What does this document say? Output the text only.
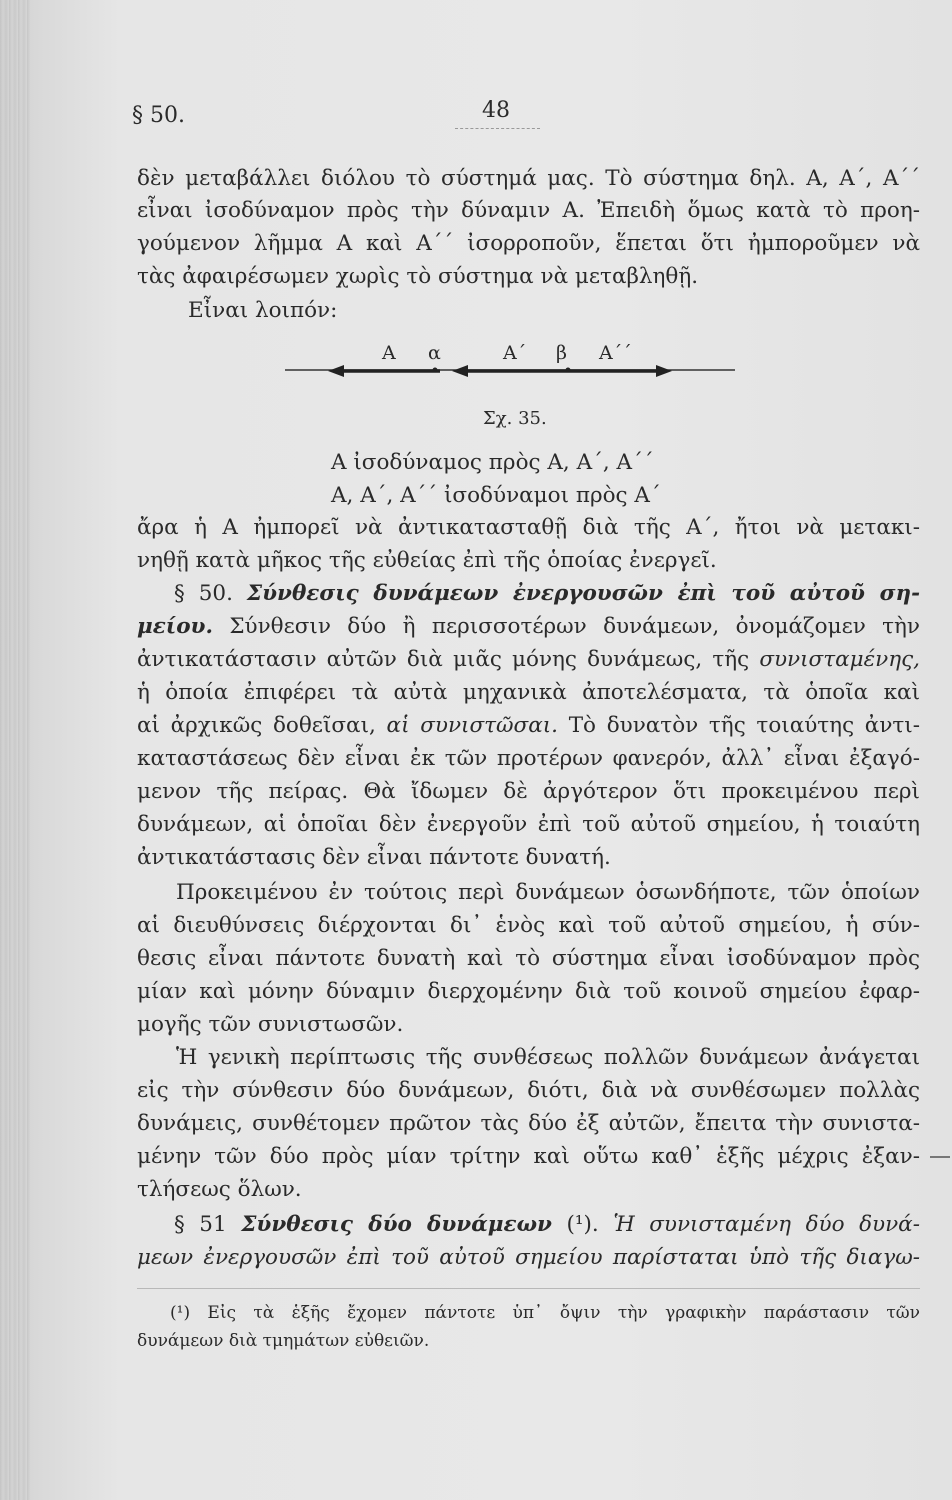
§ 50.	48
δὲν μεταβάλλει διόλου τὸ σύστημά μας. Τὸ σύστημα δηλ. Α, Α΄, Α΄΄
εἶναι ἰσοδύναμον πρὸς τὴν δύναμιν Α. Ἐπειδὴ ὅμως κατὰ τὸ προη-
γούμενον λῆμμα Α καὶ Α΄΄ ἰσορροποῦν, ἕπεται ὅτι ἠμποροῦμεν νὰ
τὰς ἀφαιρέσωμεν χωρὶς τὸ σύστημα νὰ μεταβληθῇ.
Εἶναι λοιπόν:
Α α	Α΄ β Α΄΄
Σχ. 35.
Α ἰσοδύναμος πρὸς Α, Α΄, Α΄΄
Α, Α΄, Α΄΄ ἰσοδύναμοι πρὸς Α΄
ἄρα ἡ Α ἠμπορεῖ νὰ ἀντικατασταθῇ διὰ τῆς Α΄, ἤτοι νὰ μετακι-
νηθῇ κατὰ μῆκος τῆς εὐθείας ἐπὶ τῆς ὁποίας ἐνεργεῖ.
§ 50. Σύνθεσις δυνάμεων ἐνεργουσῶν ἐπὶ τοῦ αὐτοῦ ση-
μείου. Σύνθεσιν δύο ἢ περισσοτέρων δυνάμεων, ὀνομάζομεν τὴν
ἀντικατάστασιν αὐτῶν διὰ μιᾶς μόνης δυνάμεως, τῆς συνισταμένης,
ἡ ὁποία ἐπιφέρει τὰ αὐτὰ μηχανικὰ ἀποτελέσματα, τὰ ὁποῖα καὶ
αἱ ἀρχικῶς δοθεῖσαι, αἱ συνιστῶσαι. Τὸ δυνατὸν τῆς τοιαύτης ἀντι-
καταστάσεως δὲν εἶναι ἐκ τῶν προτέρων φανερόν, ἀλλ᾽ εἶναι ἐξαγό-
μενον τῆς πείρας. Θὰ ἴδωμεν δὲ ἀργότερον ὅτι προκειμένου περὶ
δυνάμεων, αἱ ὁποῖαι δὲν ἐνεργοῦν ἐπὶ τοῦ αὐτοῦ σημείου, ἡ τοιαύτη
ἀντικατάστασις δὲν εἶναι πάντοτε δυνατή.
Προκειμένου ἐν τούτοις περὶ δυνάμεων ὁσωνδήποτε, τῶν ὁποίων
αἱ διευθύνσεις διέρχονται δι᾽ ἑνὸς καὶ τοῦ αὐτοῦ σημείου, ἡ σύν-
θεσις εἶναι πάντοτε δυνατὴ καὶ τὸ σύστημα εἶναι ἰσοδύναμον πρὸς
μίαν καὶ μόνην δύναμιν διερχομένην διὰ τοῦ κοινοῦ σημείου ἐφαρ-
μογῆς τῶν συνιστωσῶν.
Ἡ γενικὴ περίπτωσις τῆς συνθέσεως πολλῶν δυνάμεων ἀνάγεται
εἰς τὴν σύνθεσιν δύο δυνάμεων, διότι, διὰ νὰ συνθέσωμεν πολλὰς
δυνάμεις, συνθέτομεν πρῶτον τὰς δύο ἐξ αὐτῶν, ἔπειτα τὴν συνιστα-
μένην τῶν δύο πρὸς μίαν τρίτην καὶ οὕτω καθ᾽ ἑξῆς μέχρις ἐξαν-
τλήσεως ὅλων.
§ 51 Σύνθεσις δύο δυνάμεων (¹). Ἡ συνισταμένη δύο δυνά-
μεων ἐνεργουσῶν ἐπὶ τοῦ αὐτοῦ σημείου παρίσταται ὑπὸ τῆς διαγω-
(¹) Εἰς τὰ ἑξῆς ἔχομεν πάντοτε ὑπ᾽ ὄψιν τὴν γραφικὴν παράστασιν τῶν
δυνάμεων διὰ τμημάτων εὐθειῶν.
